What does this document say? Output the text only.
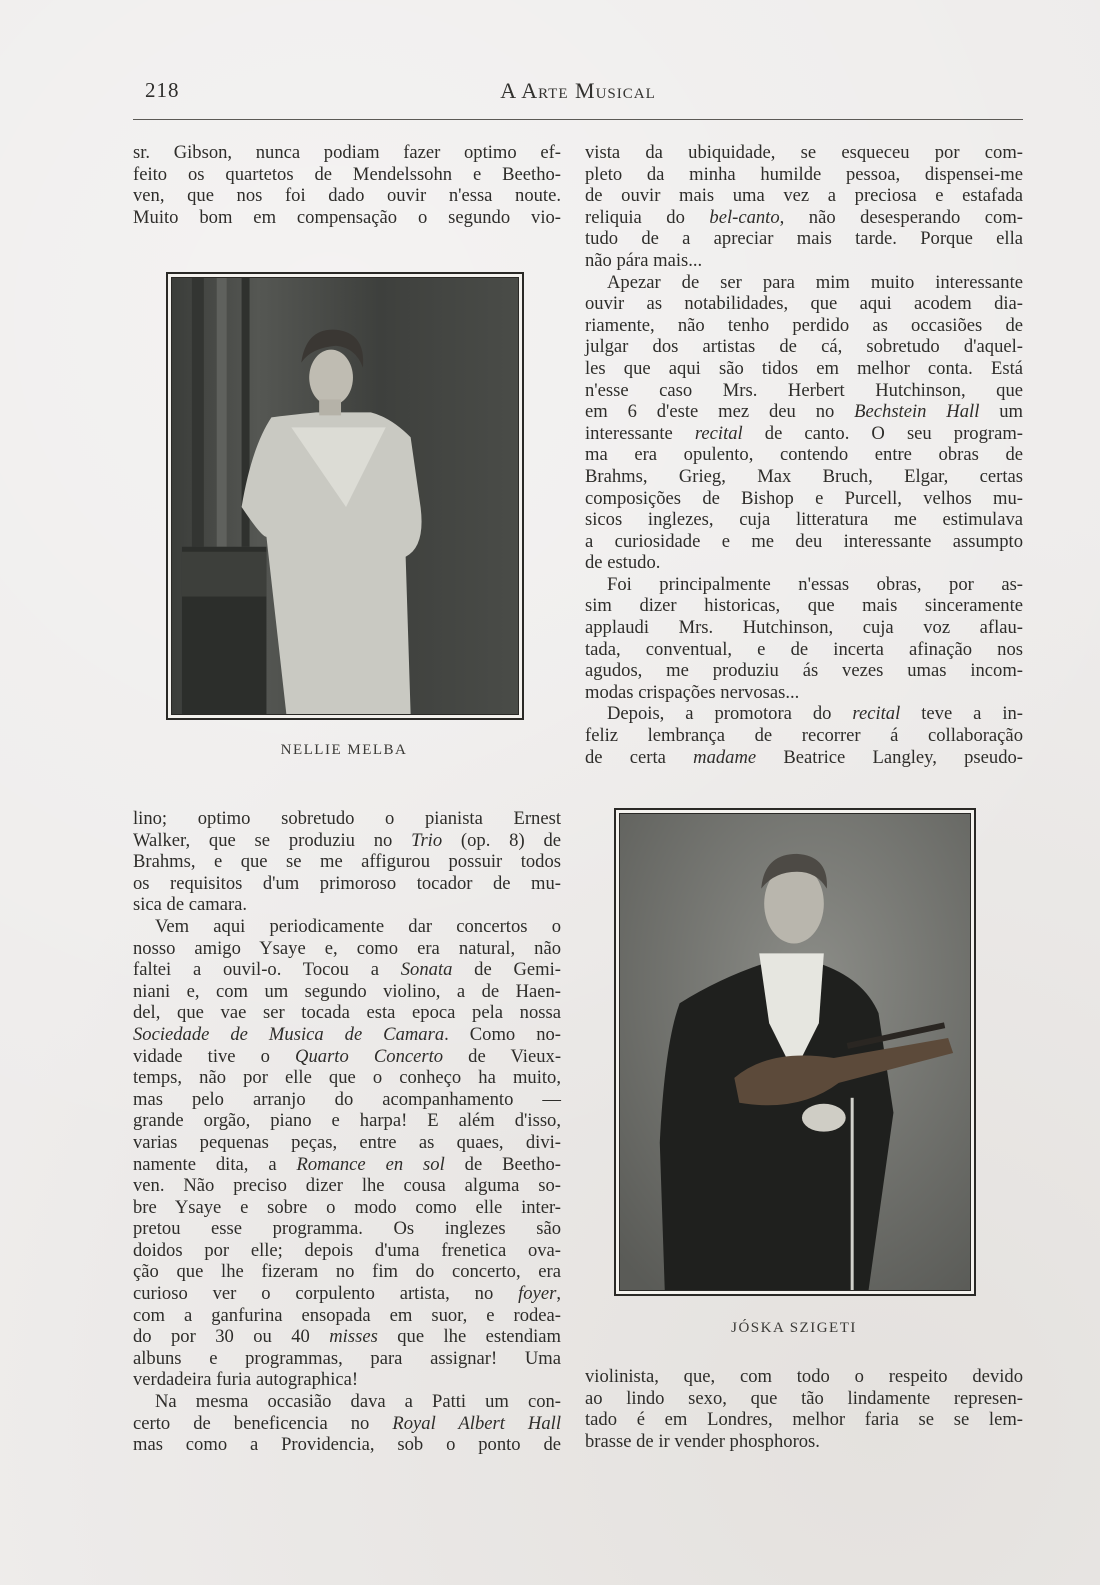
218	A Arte Musical
sr. Gibson, nunca podiam fazer optimo ef-
feito os quartetos de Mendelssohn e Beetho-
ven, que nos foi dado ouvir n'essa noute.
Muito bom em compensação o segundo vio-
vista da ubiquidade, se esqueceu por com-
pleto da minha humilde pessoa, dispensei-me
de ouvir mais uma vez a preciosa e estafada
reliquia do bel-canto, não desesperando com-
tudo de a apreciar mais tarde. Porque ella
não pára mais...
Apezar de ser para mim muito interessante
ouvir as notabilidades, que aqui acodem dia-
riamente, não tenho perdido as occasiões de
julgar dos artistas de cá, sobretudo d'aquel-
les que aqui são tidos em melhor conta. Está
n'esse caso Mrs. Herbert Hutchinson, que
em 6 d'este mez deu no Bechstein Hall um
interessante recital de canto. O seu program-
ma era opulento, contendo entre obras de
Brahms, Grieg, Max Bruch, Elgar, certas
composições de Bishop e Purcell, velhos mu-
sicos inglezes, cuja litteratura me estimulava
a curiosidade e me deu interessante assumpto
de estudo.
Foi principalmente n'essas obras, por as-
sim dizer historicas, que mais sinceramente
applaudi Mrs. Hutchinson, cuja voz aflau-
tada, conventual, e de incerta afinação nos
agudos, me produziu ás vezes umas incom-
modas crispações nervosas...
Depois, a promotora do recital teve a in-
feliz lembrança de recorrer á collaboração
de certa madame Beatrice Langley, pseudo-
lino; optimo sobretudo o pianista Ernest
Walker, que se produziu no Trio (op. 8) de
Brahms, e que se me affigurou possuir todos
os requisitos d'um primoroso tocador de mu-
sica de camara.
Vem aqui periodicamente dar concertos o
nosso amigo Ysaye e, como era natural, não
faltei a ouvil-o. Tocou a Sonata de Gemi-
niani e, com um segundo violino, a de Haen-
del, que vae ser tocada esta epoca pela nossa
Sociedade de Musica de Camara. Como no-
vidade tive o Quarto Concerto de Vieux-
temps, não por elle que o conheço ha muito,
mas pelo arranjo do acompanhamento —
grande orgão, piano e harpa! E além d'isso,
varias pequenas peças, entre as quaes, divi-
namente dita, a Romance en sol de Beetho-
ven. Não preciso dizer lhe cousa alguma so-
bre Ysaye e sobre o modo como elle inter-
pretou esse programma. Os inglezes são
doidos por elle; depois d'uma frenetica ova-
ção que lhe fizeram no fim do concerto, era
curioso ver o corpulento artista, no foyer,
com a ganfurina ensopada em suor, e rodea-
do por 30 ou 40 misses que lhe estendiam
albuns e programmas, para assignar! Uma
verdadeira furia autographica!
Na mesma occasião dava a Patti um con-
certo de beneficencia no Royal Albert Hall
mas como a Providencia, sob o ponto de
violinista, que, com todo o respeito devido
ao lindo sexo, que tão lindamente represen-
tado é em Londres, melhor faria se se lem-
brasse de ir vender phosphoros.
NELLIE MELBA
JÓSKA SZIGETI
